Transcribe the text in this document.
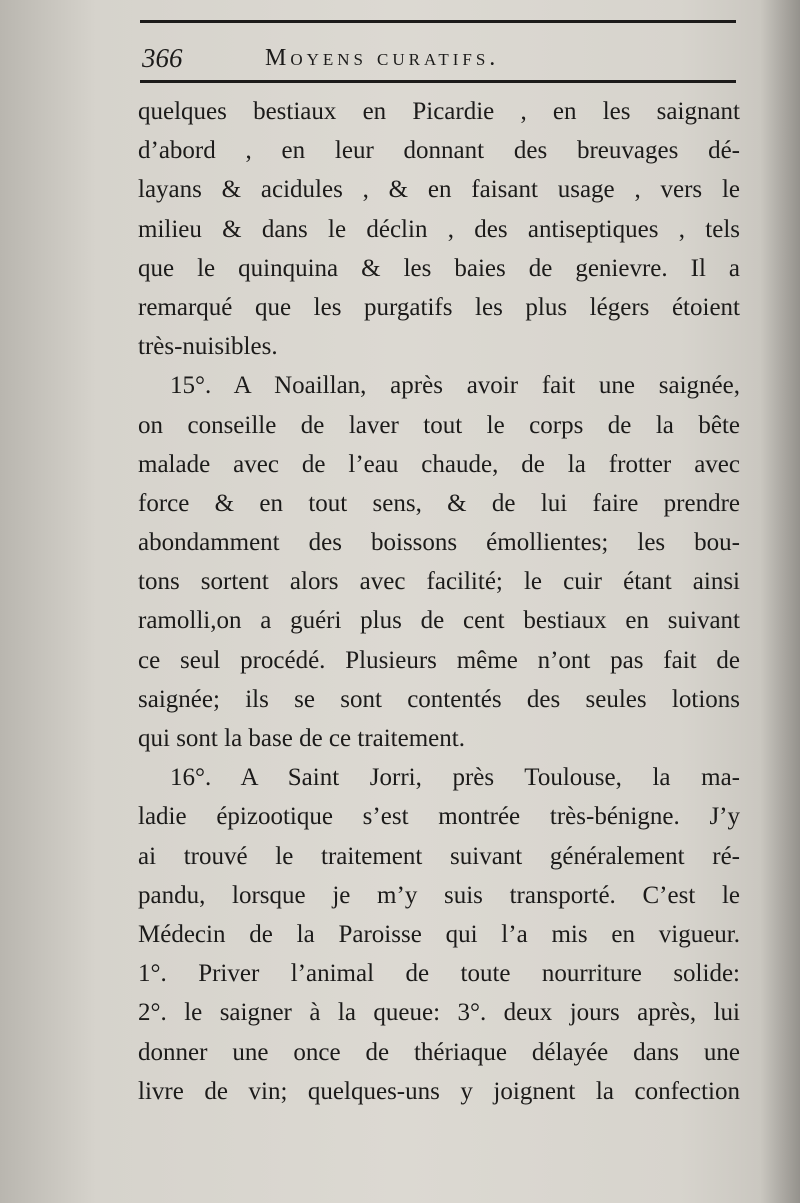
366	Moyens curatifs.
quelques bestiaux en Picardie , en les saignant
d’abord , en leur donnant des breuvages dé-
layans & acidules , & en faisant usage , vers le
milieu & dans le déclin , des antiseptiques , tels
que le quinquina & les baies de genievre. Il a
remarqué que les purgatifs les plus légers étoient
très-nuisibles.
15°. A Noaillan, après avoir fait une saignée,
on conseille de laver tout le corps de la bête
malade avec de l’eau chaude, de la frotter avec
force & en tout sens, & de lui faire prendre
abondamment des boissons émollientes; les bou-
tons sortent alors avec facilité; le cuir étant ainsi
ramolli,on a guéri plus de cent bestiaux en suivant
ce seul procédé. Plusieurs même n’ont pas fait de
saignée; ils se sont contentés des seules lotions
qui sont la base de ce traitement.
16°. A Saint Jorri, près Toulouse, la ma-
ladie épizootique s’est montrée très-bénigne. J’y
ai trouvé le traitement suivant généralement ré-
pandu, lorsque je m’y suis transporté. C’est le
Médecin de la Paroisse qui l’a mis en vigueur.
1°. Priver l’animal de toute nourriture solide:
2°. le saigner à la queue: 3°. deux jours après, lui
donner une once de thériaque délayée dans une
livre de vin; quelques-uns y joignent la confection
